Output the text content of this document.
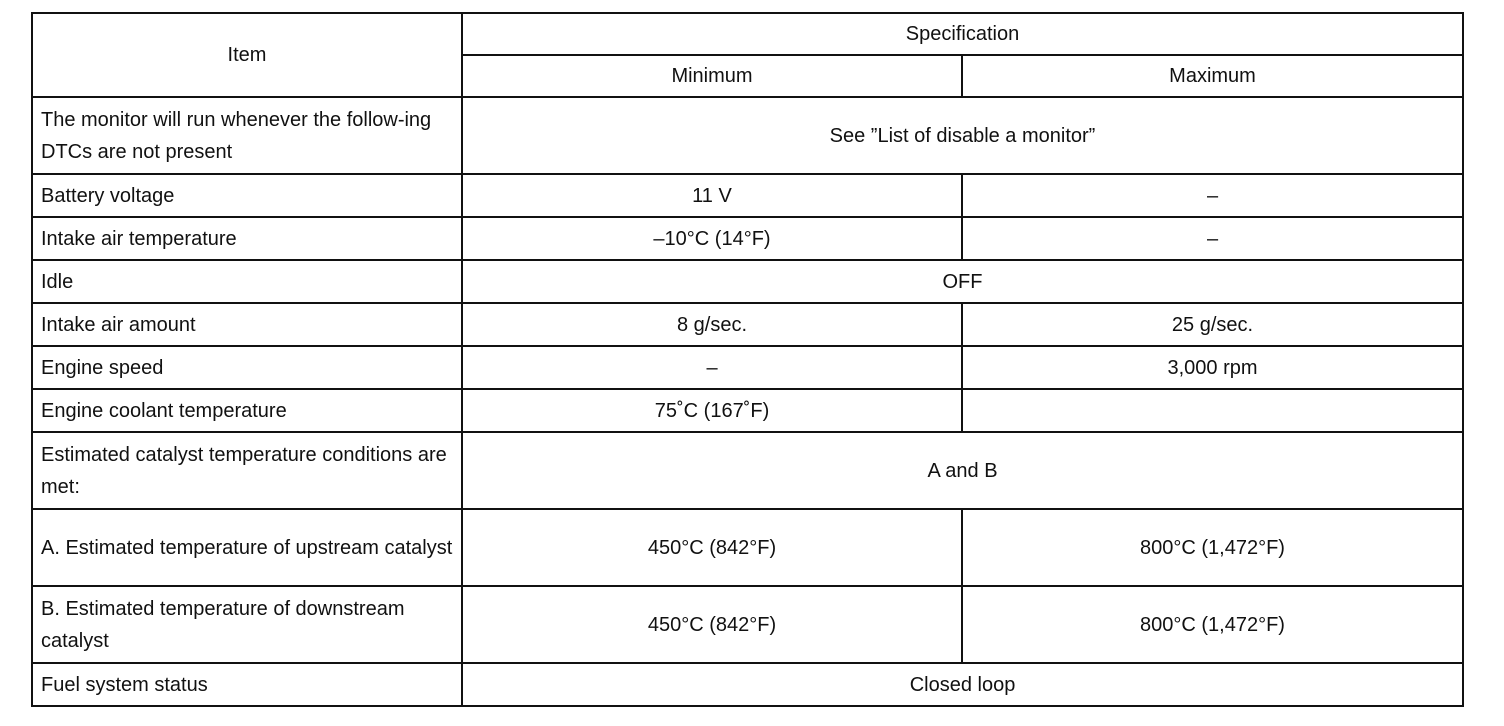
Item	Specification	
	Minimum	Maximum
The monitor will run whenever the follow-ing DTCs are not present	See ”List of disable a monitor”	
Battery voltage	11 V	–
Intake air temperature	–10°C (14°F)	–
Idle	OFF	
Intake air amount	8 g/sec.	25 g/sec.
Engine speed	–	3,000 rpm
Engine coolant temperature	75˚C (167˚F)	
Estimated catalyst temperature conditions are met:	A and B	
A. Estimated temperature of upstream catalyst	450°C (842°F)	800°C (1,472°F)
B. Estimated temperature of downstream catalyst	450°C (842°F)	800°C (1,472°F)
Fuel system status	Closed loop	
